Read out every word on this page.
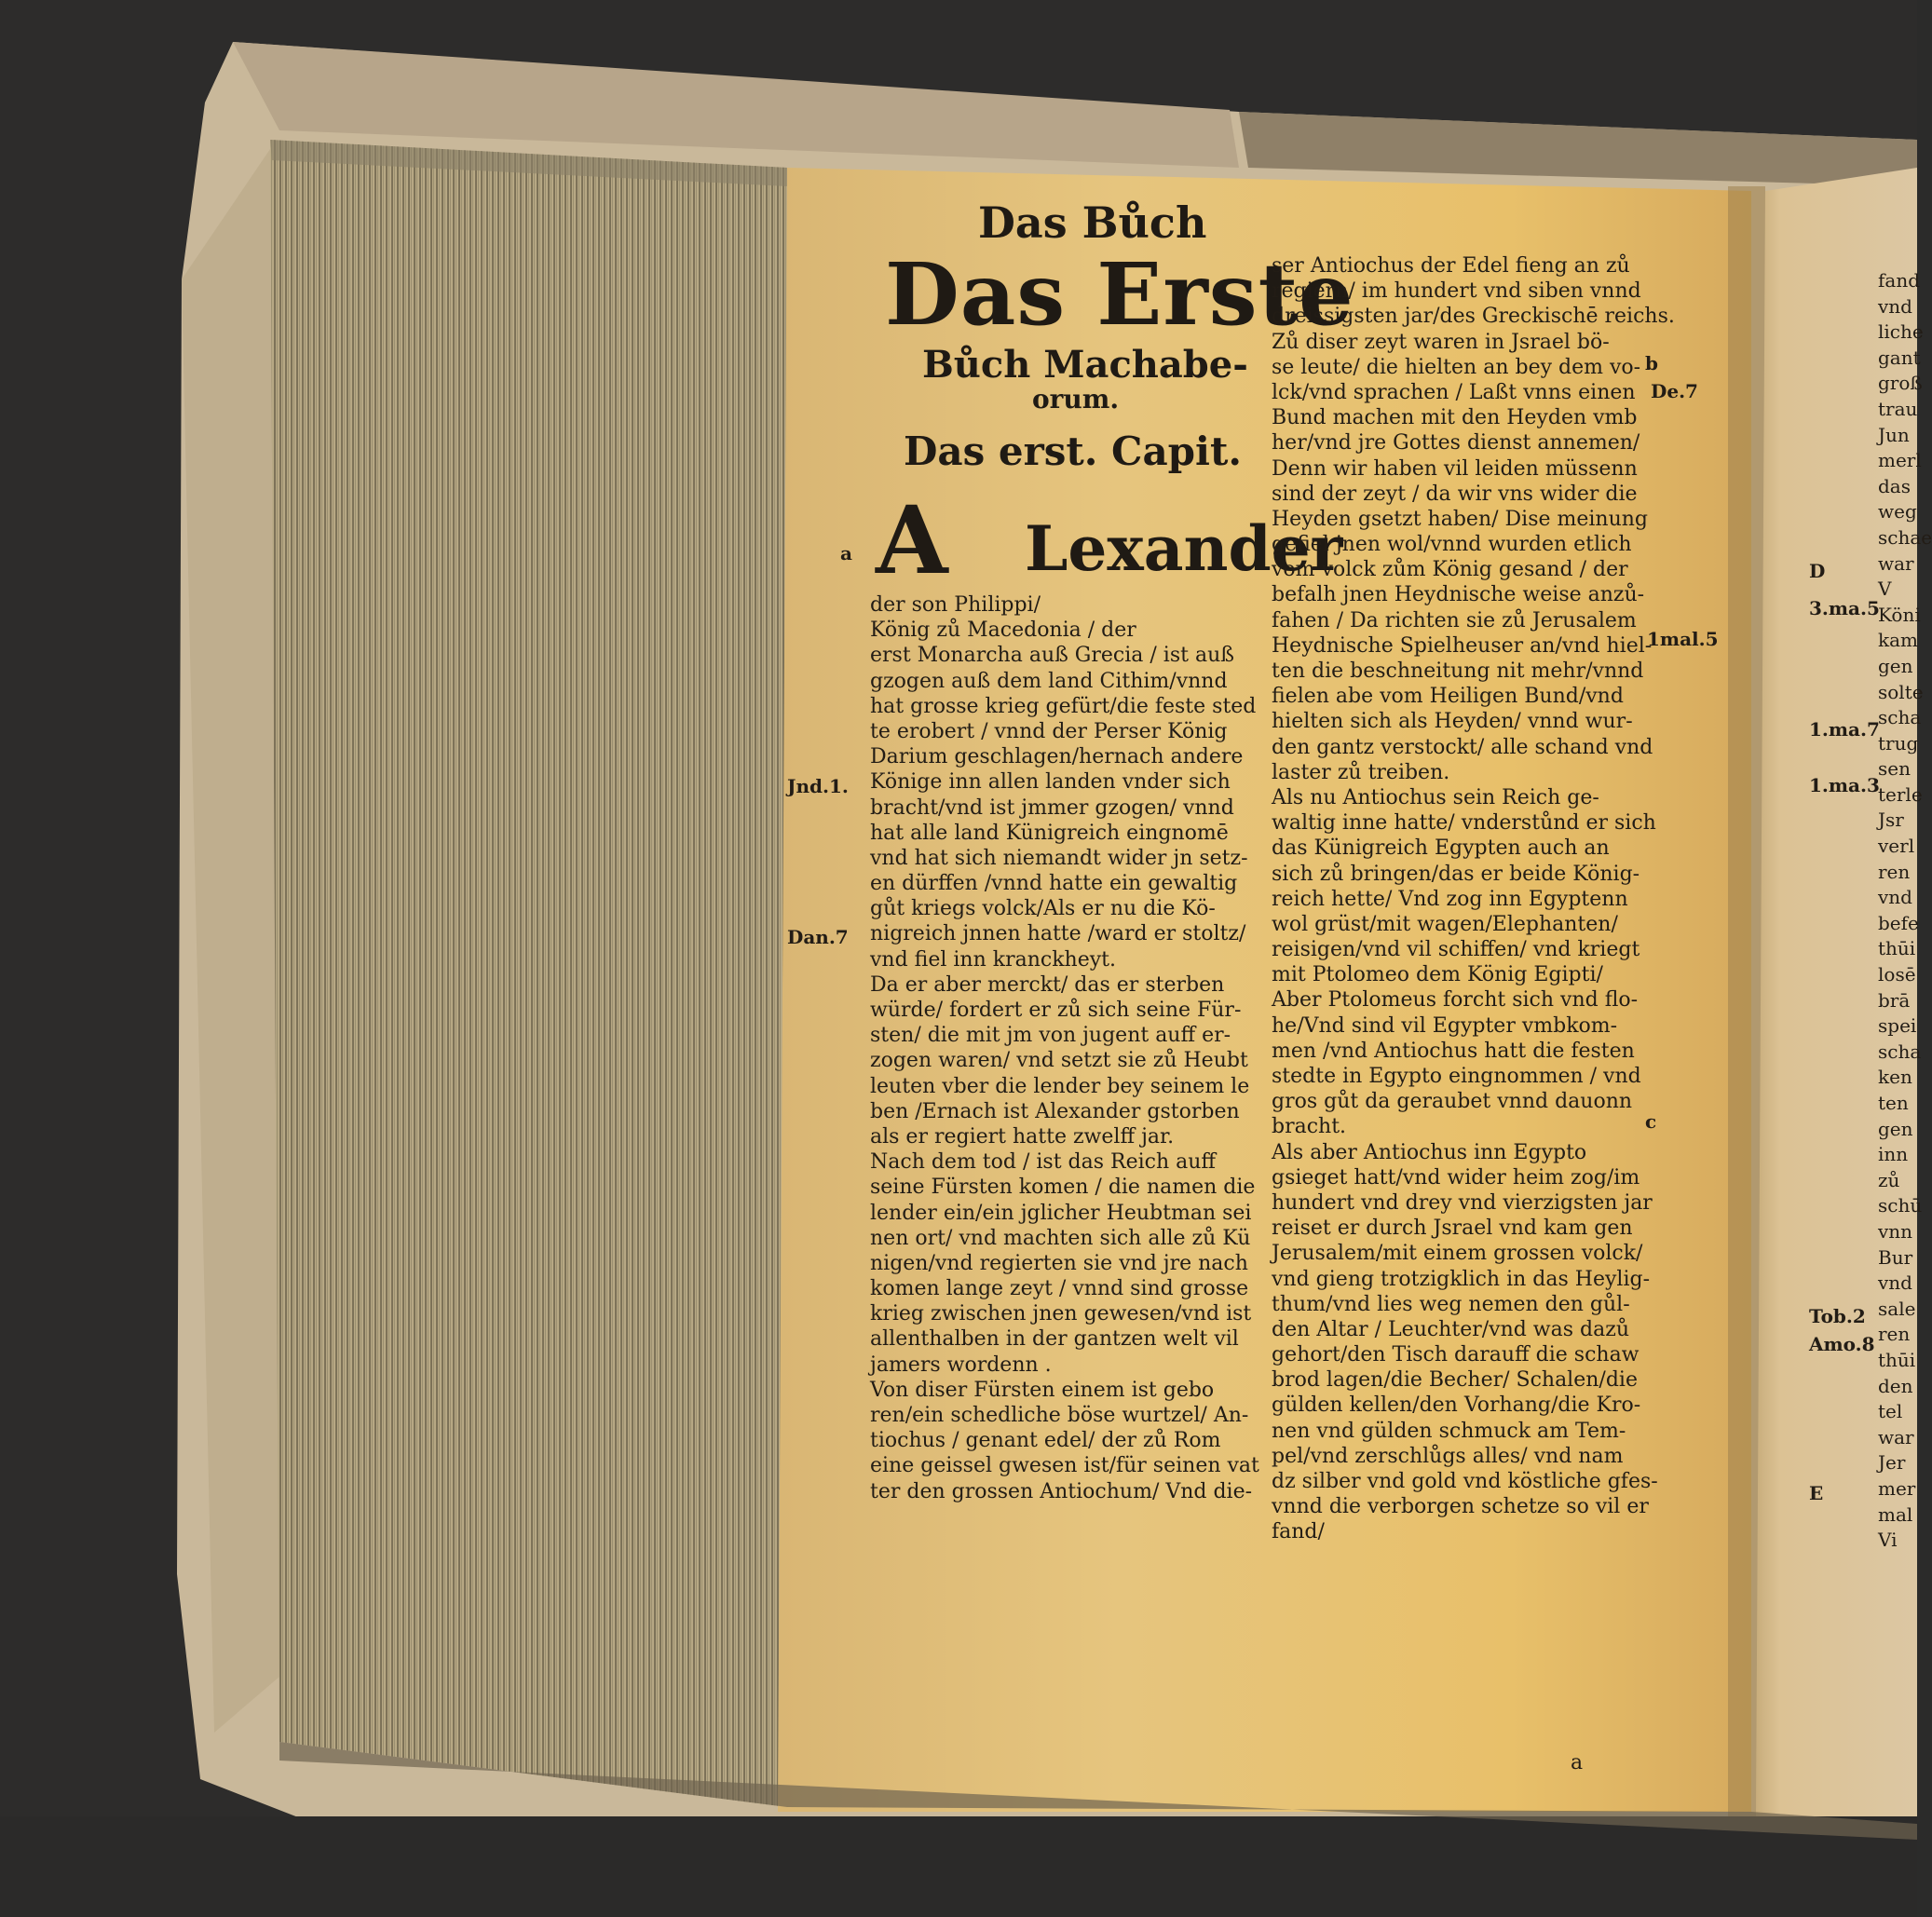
Das Bůch
Das Erste
Bůch Machabe-
orum.
Das erst. Capit.
A Lexander
der son Philippi/
König zů Macedonia / der
erst Monarcha auß Grecia / ist auß
gzogen auß dem land Cithim/vnnd
hat grosse krieg gefürt/die feste sted
te erobert / vnnd der Perser König
Darium geschlagen/hernach andere
Könige inn allen landen vnder sich
bracht/vnd ist jmmer gzogen/ vnnd
hat alle land Künigreich eingnomē
vnd hat sich niemandt wider jn setz-
en dürffen /vnnd hatte ein gewaltig
gůt kriegs volck/Als er nu die Kö-
nigreich jnnen hatte /ward er stoltz/
vnd fiel inn kranckheyt.
Da er aber merckt/ das er sterben
würde/ fordert er zů sich seine Für-
sten/ die mit jm von jugent auff er-
zogen waren/ vnd setzt sie zů Heubt
leuten vber die lender bey seinem le
ben /Ernach ist Alexander gstorben
als er regiert hatte zwelff jar.
Nach dem tod / ist das Reich auff
seine Fürsten komen / die namen die
lender ein/ein jglicher Heubtman sei
nen ort/ vnd machten sich alle zů Kü
nigen/vnd regierten sie vnd jre nach
komen lange zeyt / vnnd sind grosse
krieg zwischen jnen gewesen/vnd ist
allenthalben in der gantzen welt vil
jamers wordenn .
Von diser Fürsten einem ist gebo
ren/ein schedliche böse wurtzel/ An-
tiochus / genant edel/ der zů Rom
eine geissel gwesen ist/für seinen vat
ter den grossen Antiochum/ Vnd die-
ser Antiochus der Edel fieng an zů
regiern/ im hundert vnd siben vnnd
dreissigsten jar/des Greckischē reichs.
Zů diser zeyt waren in Jsrael bö-
se leute/ die hielten an bey dem vo-
lck/vnd sprachen / Laßt vnns einen
Bund machen mit den Heyden vmb
her/vnd jre Gottes dienst annemen/
Denn wir haben vil leiden müssenn
sind der zeyt / da wir vns wider die
Heyden gsetzt haben/ Dise meinung
gefiel jnen wol/vnnd wurden etlich
vom volck zům König gesand / der
befalh jnen Heydnische weise anzů-
fahen / Da richten sie zů Jerusalem
Heydnische Spielheuser an/vnd hiel-
ten die beschneitung nit mehr/vnnd
fielen abe vom Heiligen Bund/vnd
hielten sich als Heyden/ vnnd wur-
den gantz verstockt/ alle schand vnd
laster zů treiben.
Als nu Antiochus sein Reich ge-
waltig inne hatte/ vnderstůnd er sich
das Künigreich Egypten auch an
sich zů bringen/das er beide König-
reich hette/ Vnd zog inn Egyptenn
wol grüst/mit wagen/Elephanten/
reisigen/vnd vil schiffen/ vnd kriegt
mit Ptolomeo dem König Egipti/
Aber Ptolomeus forcht sich vnd flo-
he/Vnd sind vil Egypter vmbkom-
men /vnd Antiochus hatt die festen
stedte in Egypto eingnommen / vnd
gros gůt da geraubet vnnd dauonn
bracht.
Als aber Antiochus inn Egypto
gsieget hatt/vnd wider heim zog/im
hundert vnd drey vnd vierzigsten jar
reiset er durch Jsrael vnd kam gen
Jerusalem/mit einem grossen volck/
vnd gieng trotzigklich in das Heylig-
thum/vnd lies weg nemen den gůl-
den Altar / Leuchter/vnd was dazů
gehort/den Tisch darauff die schaw
brod lagen/die Becher/ Schalen/die
gülden kellen/den Vorhang/die Kro-
nen vnd gülden schmuck am Tem-
pel/vnd zerschlůgs alles/ vnd nam
dz silber vnd gold vnd köstliche gfes-
vnnd die verborgen schetze so vil er
fand/
a
Jnd.1.
Dan.7
b
De.7
1mal.5
c
a
fand
vnd
liche
gant
groß
trau
Jun
merl
das
weg
schae
war
V
Köni
kam
gen
solte
scha
trug
sen
terle
Jsr
verl
ren
vnd
befe
thūi
losē
brā
spei
scha
ken
ten
gen
inn
zů
schū
vnn
Bur
vnd
sale
ren
thūi
den
tel
war
Jer
mer
mal
Vi
D
3.ma.5
1.ma.7
1.ma.3
Tob.2
Amo.8
E
